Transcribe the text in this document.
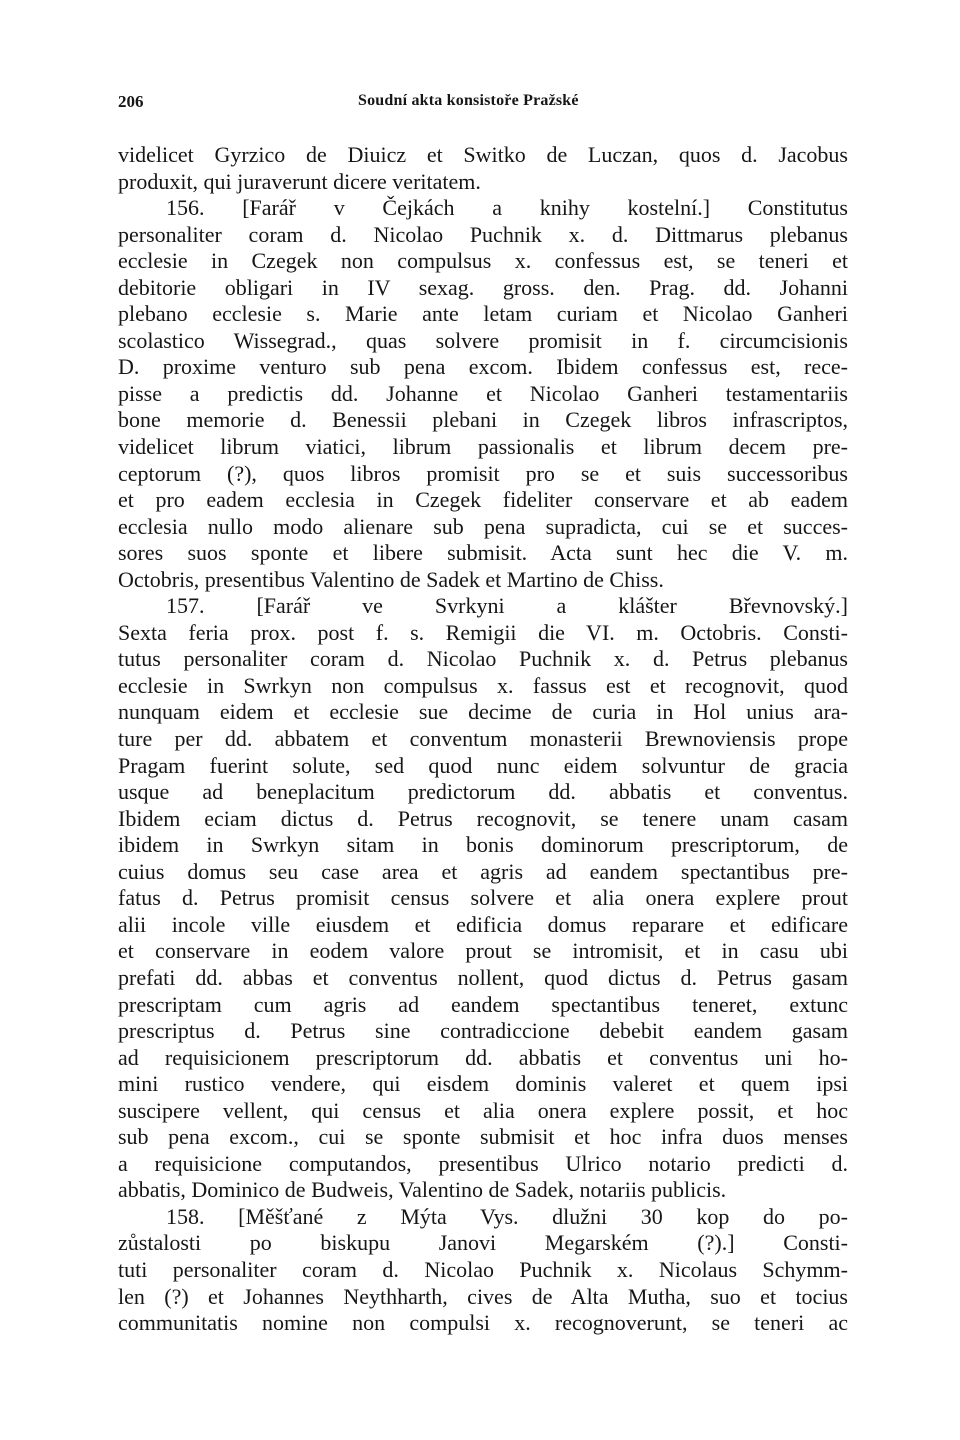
206	Soudní akta konsistoře Pražské
videlicet Gyrzico de Diuicz et Switko de Luczan, quos d. Jacobus
produxit, qui juraverunt dicere veritatem.
156. [Farář v Čejkách a knihy kostelní.] Constitutus
personaliter coram d. Nicolao Puchnik x. d. Dittmarus plebanus
ecclesie in Czegek non compulsus x. confessus est, se teneri et
debitorie obligari in IV sexag. gross. den. Prag. dd. Johanni
plebano ecclesie s. Marie ante letam curiam et Nicolao Ganheri
scolastico Wissegrad., quas solvere promisit in f. circumcisionis
D. proxime venturo sub pena excom. Ibidem confessus est, rece-
pisse a predictis dd. Johanne et Nicolao Ganheri testamentariis
bone memorie d. Benessii plebani in Czegek libros infrascriptos,
videlicet librum viatici, librum passionalis et librum decem pre-
ceptorum (?), quos libros promisit pro se et suis successoribus
et pro eadem ecclesia in Czegek fideliter conservare et ab eadem
ecclesia nullo modo alienare sub pena supradicta, cui se et succes-
sores suos sponte et libere submisit. Acta sunt hec die V. m.
Octobris, presentibus Valentino de Sadek et Martino de Chiss.
157. [Farář ve Svrkyni a klášter Břevnovský.]
Sexta feria prox. post f. s. Remigii die VI. m. Octobris. Consti-
tutus personaliter coram d. Nicolao Puchnik x. d. Petrus plebanus
ecclesie in Swrkyn non compulsus x. fassus est et recognovit, quod
nunquam eidem et ecclesie sue decime de curia in Hol unius ara-
ture per dd. abbatem et conventum monasterii Brewnoviensis prope
Pragam fuerint solute, sed quod nunc eidem solvuntur de gracia
usque ad beneplacitum predictorum dd. abbatis et conventus.
Ibidem eciam dictus d. Petrus recognovit, se tenere unam casam
ibidem in Swrkyn sitam in bonis dominorum prescriptorum, de
cuius domus seu case area et agris ad eandem spectantibus pre-
fatus d. Petrus promisit census solvere et alia onera explere prout
alii incole ville eiusdem et edificia domus reparare et edificare
et conservare in eodem valore prout se intromisit, et in casu ubi
prefati dd. abbas et conventus nollent, quod dictus d. Petrus gasam
prescriptam cum agris ad eandem spectantibus teneret, extunc
prescriptus d. Petrus sine contradiccione debebit eandem gasam
ad requisicionem prescriptorum dd. abbatis et conventus uni ho-
mini rustico vendere, qui eisdem dominis valeret et quem ipsi
suscipere vellent, qui census et alia onera explere possit, et hoc
sub pena excom., cui se sponte submisit et hoc infra duos menses
a requisicione computandos, presentibus Ulrico notario predicti d.
abbatis, Dominico de Budweis, Valentino de Sadek, notariis publicis.
158. [Měšťané z Mýta Vys. dlužni 30 kop do po-
zůstalosti po biskupu Janovi Megarském (?).] Consti-
tuti personaliter coram d. Nicolao Puchnik x. Nicolaus Schymm-
len (?) et Johannes Neythharth, cives de Alta Mutha, suo et tocius
communitatis nomine non compulsi x. recognoverunt, se teneri ac
